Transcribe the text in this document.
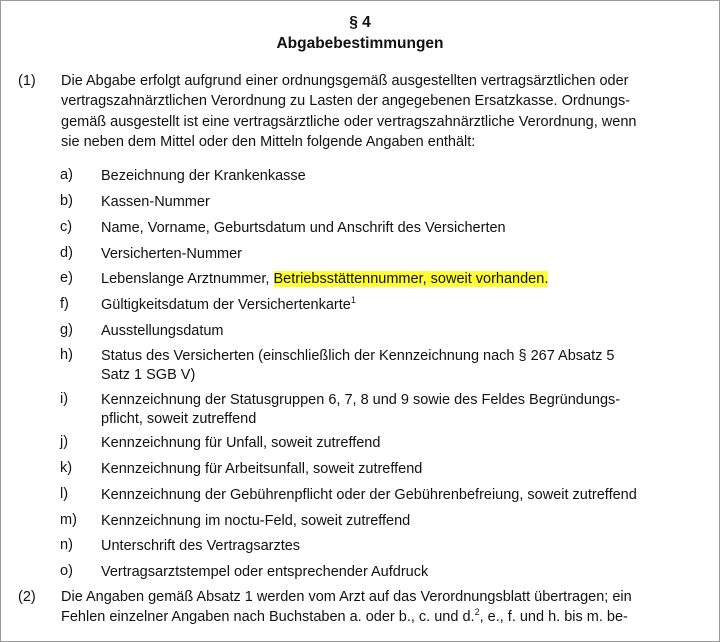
§ 4
Abgabebestimmungen
(1) Die Abgabe erfolgt aufgrund einer ordnungsgemäß ausgestellten vertragsärztlichen oder
vertragszahnärztlichen Verordnung zu Lasten der angegebenen Ersatzkasse. Ordnungs-
gemäß ausgestellt ist eine vertragsärztliche oder vertragszahnärztliche Verordnung, wenn
sie neben dem Mittel oder den Mitteln folgende Angaben enthält:
a) Bezeichnung der Krankenkasse
b) Kassen-Nummer
c) Name, Vorname, Geburtsdatum und Anschrift des Versicherten
d) Versicherten-Nummer
e) Lebenslange Arztnummer, Betriebsstättennummer, soweit vorhanden.
f) Gültigkeitsdatum der Versichertenkarte$^1$
g) Ausstellungsdatum
h) Status des Versicherten (einschließlich der Kennzeichnung nach § 267 Absatz 5
Satz 1 SGB V)
i) Kennzeichnung der Statusgruppen 6, 7, 8 und 9 sowie des Feldes Begründungs-
pflicht, soweit zutreffend
j) Kennzeichnung für Unfall, soweit zutreffend
k) Kennzeichnung für Arbeitsunfall, soweit zutreffend
l) Kennzeichnung der Gebührenpflicht oder der Gebührenbefreiung, soweit zutreffend
m) Kennzeichnung im noctu-Feld, soweit zutreffend
n) Unterschrift des Vertragsarztes
o) Vertragsarztstempel oder entsprechender Aufdruck
(2) Die Angaben gemäß Absatz 1 werden vom Arzt auf das Verordnungsblatt übertragen; ein
Fehlen einzelner Angaben nach Buchstaben a. oder b., c. und d.$^2$, e., f. und h. bis m. be-
